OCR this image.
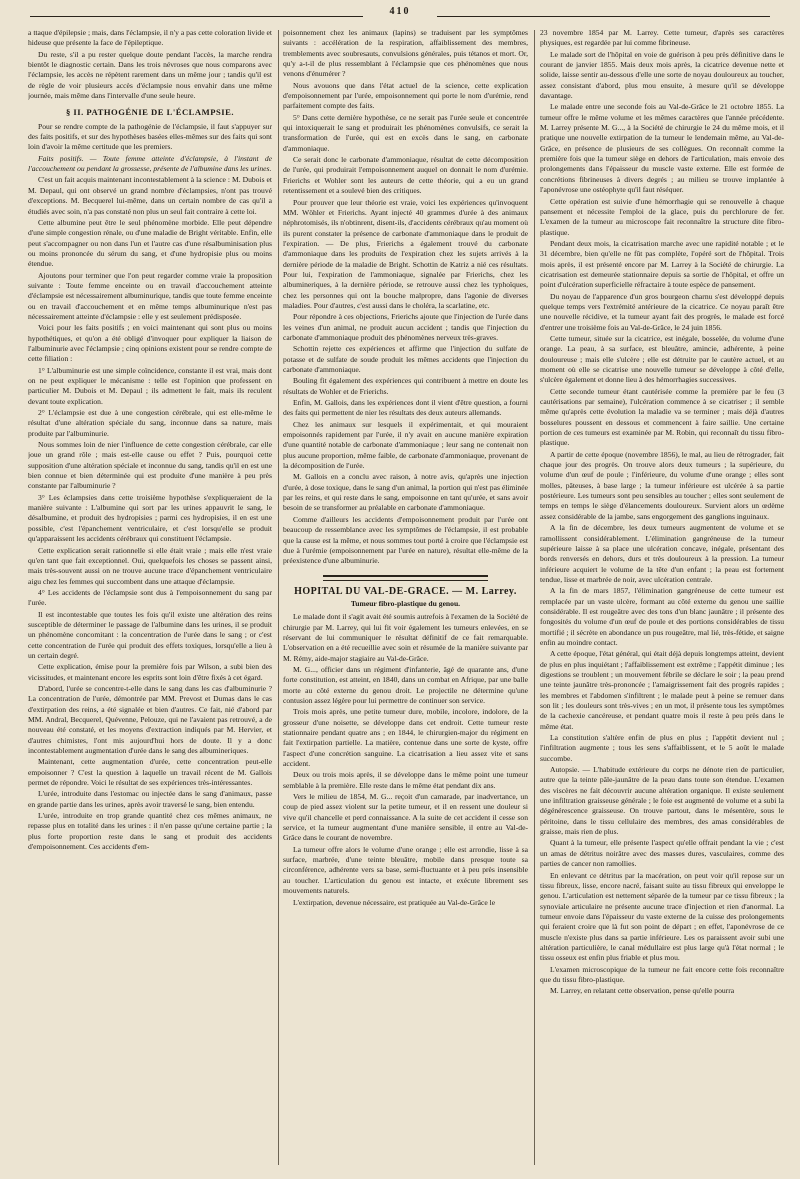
410

a ttaque d'épilepsie ; mais, dans l'éclampsie, il n'y a pas cette coloration livide et hideuse que présente la face de l'épileptique.

Du reste, s'il a pu rester quelque doute pendant l'accès, la marche rendra bientôt le diagnostic certain. Dans les trois névroses que nous comparons avec l'éclampsie, les accès ne répètent rarement dans un même jour ; tandis qu'il est de règle de voir plusieurs accès d'éclampsie nous envahir dans une même journée, mais même dans l'intervalle d'une seule heure.

§ II. PATHOGÉNIE DE L'ÉCLAMPSIE.

Pour se rendre compte de la pathogénie de l'éclampsie, il faut s'appuyer sur des faits positifs, et sur des hypothèses basées elles-mêmes sur des faits qui sont loin d'avoir la même certitude que les premiers.

Faits positifs. — Toute femme atteinte d'éclampsie, à l'instant de l'accouchement ou pendant la grossesse, présente de l'albumine dans les urines.

C'est un fait acquis maintenant incontestablement à la science : M. Dubois et M. Depaul, qui ont observé un grand nombre d'éclampsies, n'ont pas trouvé d'exceptions. M. Becquerel lui-même, dans un certain nombre de cas qu'il a étudiés avec soin, n'a pas constaté non plus un seul fait contraire à cette loi.

Cette albumine peut être le seul phénomène morbide. Elle peut dépendre d'une simple congestion rénale, ou d'une maladie de Bright véritable. Enfin, elle peut s'accompagner ou non dans l'un et l'autre cas d'une résalbuminisation plus ou moins prononcée du sérum du sang, et d'une hydropisie plus ou moins étendue.

Ajoutons pour terminer que l'on peut regarder comme vraie la proposition suivante : Toute femme enceinte ou en travail d'accouchement atteinte d'éclampsie est nécessairement albuminurique, tandis que toute femme enceinte ou en travail d'accouchement et en même temps albuminurique n'est pas nécessairement atteinte d'éclampsie : elle y est seulement prédisposée.

Voici pour les faits positifs ; en voici maintenant qui sont plus ou moins hypothétiques, et qu'on a été obligé d'invoquer pour expliquer la liaison de l'albuminurie avec l'éclampsie ; cinq opinions existent pour se rendre compte de cette filiation :

1° L'albuminurie est une simple coïncidence, constante il est vrai, mais dont on ne peut expliquer le mécanisme : telle est l'opinion que professent en particulier M. Dubois et M. Depaul ; ils admettent le fait, mais ils reculent devant toute explication.

2° L'éclampsie est due à une congestion cérébrale, qui est elle-même le résultat d'une altération spéciale du sang, inconnue dans sa nature, mais produite par l'albuminurie.

Nous sommes loin de nier l'influence de cette congestion cérébrale, car elle joue un grand rôle ; mais est-elle cause ou effet ? Puis, pourquoi cette supposition d'une altération spéciale et inconnue du sang, tandis qu'il en est une bien connue et bien déterminée qui est produite d'une manière à peu près constante par l'albuminurie ?

3° Les éclampsies dans cette troisième hypothèse s'expliqueraient de la manière suivante : L'albumine qui sort par les urines appauvrit le sang, le désalbumine, et produit des hydropisies ; parmi ces hydropisies, il en est une possible, c'est l'épanchement ventriculaire, et c'est lorsqu'elle se produit qu'apparaissent les accidents cérébraux qui constituent l'éclampsie.

Cette explication serait rationnelle si elle était vraie ; mais elle n'est vraie qu'en tant que fait exceptionnel. Oui, quelquefois les choses se passent ainsi, mais très-souvent aussi on ne trouve aucune trace d'épanchement ventriculaire aigu chez les femmes qui succombent dans une attaque d'éclampsie.

4° Les accidents de l'éclampsie sont dus à l'empoisonnement du sang par l'urée.

Il est incontestable que toutes les fois qu'il existe une altération des reins susceptible de déterminer le passage de l'albumine dans les urines, il se produit un phénomène concomitant : la concentration de l'urée dans le sang ; or c'est cette concentration de l'urée qui produit des effets toxiques, lorsqu'elle a lieu à un certain degré.

Cette explication, émise pour la première fois par Wilson, a subi bien des vicissitudes, et maintenant encore les esprits sont loin d'être fixés à cet égard.

D'abord, l'urée se concentre-t-elle dans le sang dans les cas d'albuminurie ? La concentration de l'urée, démontrée par MM. Prevost et Dumas dans le cas d'extirpation des reins, a été signalée et bien d'autres. Ce fait, nié d'abord par MM. Andral, Becquerel, Quévenne, Pelouze, qui ne l'avaient pas retrouvé, a de nouveau été constaté, et les moyens d'extraction indiqués par M. Hervier, et d'autres chimistes, l'ont mis aujourd'hui hors de doute. Il y a donc incontestablement augmentation d'urée dans le sang des albumineriques.

Maintenant, cette augmentation d'urée, cette concentration peut-elle empoisonner ? C'est la question à laquelle un travail récent de M. Gallois permet de répondre. Voici le résultat de ses expériences très-intéressantes.

L'urée, introduite dans l'estomac ou injectée dans le sang d'animaux, passe en grande partie dans les urines, après avoir traversé le sang, bien entendu.

L'urée, introduite en trop grande quantité chez ces mêmes animaux, ne repasse plus en totalité dans les urines : il n'en passe qu'une certaine partie ; la plus forte proportion reste dans le sang et produit des accidents d'empoisonnement. Ces accidents d'em-

poisonnement chez les animaux (lapins) se traduisent par les symptômes suivants : accélération de la respiration, affaiblissement des membres, tremblements avec soubresauts, convulsions générales, puis tétanos et mort. Or, qu'y a-t-il de plus ressemblant à l'éclampsie que ces phénomènes que nous venons d'énumérer ?

Nous avouons que dans l'état actuel de la science, cette explication d'empoisonnement par l'urée, empoisonnement qui porte le nom d'urémie, rend parfaitement compte des faits.

5° Dans cette dernière hypothèse, ce ne serait pas l'urée seule et concentrée qui intoxiquerait le sang et produirait les phénomènes convulsifs, ce serait la transformation de l'urée, qui est en excès dans le sang, en carbonate d'ammoniaque.

Ce serait donc le carbonate d'ammoniaque, résultat de cette décomposition de l'urée, qui produirait l'empoisonnement auquel on donnait le nom d'urémie. Frierichs et Wohler sont les auteurs de cette théorie, qui a eu un grand retentissement et a soulevé bien des critiques.

Pour prouver que leur théorie est vraie, voici les expériences qu'invoquent MM. Wöhler et Frierichs. Ayant injecté 40 grammes d'urée à des animaux néphrotomisés, ils n'obtinrent, disent-ils, d'accidents cérébraux qu'au moment où ils purent constater la présence de carbonate d'ammoniaque dans le produit de l'expiration. — De plus, Frierichs a également trouvé du carbonate d'ammoniaque dans les produits de l'expiration chez les sujets arrivés à la dernière période de la maladie de Bright. Schottin de Katriz a nié ces résultats. Pour lui, l'expiration de l'ammoniaque, signalée par Frierichs, chez les albumineriques, à la dernière période, se retrouve aussi chez les typhoïques, chez les personnes qui ont la bouche malpropre, dans l'agonie de diverses maladies. Pour d'autres, c'est aussi dans le choléra, la scarlatine, etc.

Pour répondre à ces objections, Frierichs ajoute que l'injection de l'urée dans les veines d'un animal, ne produit aucun accident ; tandis que l'injection du carbonate d'ammoniaque produit des phénomènes nerveux très-graves.

Schottin rejette ces expériences et affirme que l'injection du sulfate de potasse et de sulfate de soude produit les mêmes accidents que l'injection du carbonate d'ammoniaque.

Bouling fit également des expériences qui contribuent à mettre en doute les résultats de Wohler et de Frierichs.

Enfin, M. Gallois, dans les expériences dont il vient d'être question, a fourni des faits qui permettent de nier les résultats des deux auteurs allemands.

Chez les animaux sur lesquels il expérimentait, et qui mouraient empoisonnés rapidement par l'urée, il n'y avait en aucune manière expiration d'une quantité notable de carbonate d'ammoniaque ; leur sang ne contenait non plus aucune proportion, même faible, de carbonate d'ammoniaque, provenant de la décomposition de l'urée.

M. Gallois en a conclu avec raison, à notre avis, qu'après une injection d'urée, à dose toxique, dans le sang d'un animal, la portion qui n'est pas éliminée par les reins, et qui reste dans le sang, empoisonne en tant qu'urée, et sans avoir besoin de se transformer au préalable en carbonate d'ammoniaque.

Comme d'ailleurs les accidents d'empoisonnement produit par l'urée ont beaucoup de ressemblance avec les symptômes de l'éclampsie, il est probable que la cause est la même, et nous sommes tout porté à croire que l'éclampsie est due à l'urémie (empoisonnement par l'urée en nature), résultat elle-même de la préexistence d'une albuminurie.

HOPITAL DU VAL-DE-GRACE. — M. Larrey.

Tumeur fibro-plastique du genou.

Le malade dont il s'agit avait été soumis autrefois à l'examen de la Société de chirurgie par M. Larrey, qui lui fit voir également les tumeurs enlevées, en se réservant de lui communiquer le résultat définitif de ce fait remarquable. L'observation en a été recueillie avec soin et résumée de la manière suivante par M. Rémy, aide-major stagiaire au Val-de-Grâce.

M. G..., officier dans un régiment d'infanterie, âgé de quarante ans, d'une forte constitution, est atteint, en 1840, dans un combat en Afrique, par une balle morte au côté externe du genou droit. Le projectile ne détermine qu'une contusion assez légère pour lui permettre de continuer son service.

Trois mois après, une petite tumeur dure, mobile, incolore, indolore, de la grosseur d'une noisette, se développe dans cet endroit. Cette tumeur reste stationnaire pendant quatre ans ; en 1844, le chirurgien-major du régiment en fait l'extirpation partielle. La matière, contenue dans une sorte de kyste, offre l'aspect d'une concrétion sanguine. La cicatrisation a lieu assez vite et sans accident.

Deux ou trois mois après, il se développe dans le même point une tumeur semblable à la première. Elle reste dans le même état pendant dix ans.

Vers le milieu de 1854, M. G... reçoit d'un camarade, par inadvertance, un coup de pied assez violent sur la petite tumeur, et il en ressent une douleur si vive qu'il chancelle et perd connaissance. A la suite de cet accident il cesse son service, et la tumeur augmentant d'une manière sensible, il entre au Val-de-Grâce dans le courant de novembre.

La tumeur offre alors le volume d'une orange ; elle est arrondie, lisse à sa surface, marbrée, d'une teinte bleuâtre, mobile dans presque toute sa circonférence, adhérente vers sa base, semi-fluctuante et à peu près insensible au toucher. L'articulation du genou est intacte, et exécute librement ses mouvements naturels.

L'extirpation, devenue nécessaire, est pratiquée au Val-de-Grâce le

23 novembre 1854 par M. Larrey. Cette tumeur, d'après ses caractères physiques, est regardée par lui comme fibrineuse.

Le malade sort de l'hôpital en voie de guérison à peu près définitive dans le courant de janvier 1855. Mais deux mois après, la cicatrice devenue nette et solide, laisse sentir au-dessous d'elle une sorte de noyau douloureux au toucher, assez consistant d'abord, plus mou ensuite, à mesure qu'il se développe davantage.

Le malade entre une seconde fois au Val-de-Grâce le 21 octobre 1855. La tumeur offre le même volume et les mêmes caractères que l'année précédente. M. Larrey présente M. G..., à la Société de chirurgie le 24 du même mois, et il pratique une nouvelle extirpation de la tumeur le lendemain même, au Val-de-Grâce, en présence de plusieurs de ses collègues. On reconnaît comme la première fois que la tumeur siège en dehors de l'articulation, mais envoie des prolongements dans l'épaisseur du muscle vaste externe. Elle est formée de concrétions fibrineuses à divers degrés ; au milieu se trouve implantée à l'aponévrose une ostéophyte qu'il faut réséquer.

Cette opération est suivie d'une hémorrhagie qui se renouvelle à chaque pansement et nécessite l'emploi de la glace, puis du perchlorure de fer. L'examen de la tumeur au microscope fait reconnaître la structure dite fibro-plastique.

Pendant deux mois, la cicatrisation marche avec une rapidité notable ; et le 31 décembre, bien qu'elle ne fût pas complète, l'opéré sort de l'hôpital. Trois mois après, il est présenté encore par M. Larrey à la Société de chirurgie. La cicatrisation est demeurée stationnaire depuis sa sortie de l'hôpital, et offre un point d'ulcération superficielle réfractaire à toute espèce de pansement.

Du noyau de l'apparence d'un gros bourgeon charnu s'est développé depuis quelque temps vers l'extrémité antérieure de la cicatrice. Ce noyau paraît être une nouvelle récidive, et la tumeur ayant fait des progrès, le malade est forcé d'entrer une troisième fois au Val-de-Grâce, le 24 juin 1856.

Cette tumeur, située sur la cicatrice, est inégale, bosselée, du volume d'une orange. La peau, à sa surface, est bleuâtre, amincie, adhérente, à peine douloureuse ; mais elle s'ulcère ; elle est détruite par le cautère actuel, et au moment où elle se cicatrise une nouvelle tumeur se développe à côté d'elle, s'ulcère également et donne lieu à des hémorrhagies successives.

Cette seconde tumeur étant cautérisée comme la première par le feu (3 cautérisations par semaine), l'ulcération commence à se cicatriser ; il semble même qu'après cette évolution la maladie va se terminer ; mais déjà d'autres bosselures poussent en dessous et commencent à faire saillie. Une certaine portion de ces tumeurs est examinée par M. Robin, qui reconnaît du tissu fibro-plastique.

A partir de cette époque (novembre 1856), le mal, au lieu de rétrograder, fait chaque jour des progrès. On trouve alors deux tumeurs ; la supérieure, du volume d'un œuf de poule ; l'inférieure, du volume d'une orange ; elles sont molles, pâteuses, à base large ; la tumeur inférieure est ulcérée à sa partie postérieure. Les tumeurs sont peu sensibles au toucher ; elles sont seulement de temps en temps le siège d'élancements douloureux. Survient alors un œdème assez considérable de la jambe, sans engorgement des ganglions inguinaux.

A la fin de décembre, les deux tumeurs augmentent de volume et se ramollissent considérablement. L'élimination gangréneuse de la tumeur supérieure laisse à sa place une ulcération concave, inégale, présentant des bords renversés en dehors, durs et très douloureux à la pression. La tumeur inférieure acquiert le volume de la tête d'un enfant ; la peau est fortement tendue, lisse et marbrée de noir, avec ulcération centrale.

A la fin de mars 1857, l'élimination gangréneuse de cette tumeur est remplacée par un vaste ulcère, formant au côté externe du genou une saillie considérable. Il est rougeâtre avec des tons d'un blanc jaunâtre ; il présente des fongosités du volume d'un œuf de poule et des portions considérables de tissu mortifié ; il sécrète en abondance un pus rougeâtre, mal lié, très-fétide, et saigne enfin au moindre contact.

A cette époque, l'état général, qui était déjà depuis longtemps atteint, devient de plus en plus inquiétant ; l'affaiblissement est extrême ; l'appétit diminue ; les digestions se troublent ; un mouvement fébrile se déclare le soir ; la peau prend une teinte jaunâtre très-prononcée ; l'amaigrissement fait des progrès rapides ; les membres et l'abdomen s'infiltrent ; le malade peut à peine se remuer dans son lit ; les douleurs sont très-vives ; en un mot, il présente tous les symptômes de la cachexie cancéreuse, et pendant quatre mois il reste à peu près dans le même état.

La constitution s'altère enfin de plus en plus ; l'appétit devient nul ; l'infiltration augmente ; tous les sens s'affaiblissent, et le 5 août le malade succombe.

Autopsie. — L'habitude extérieure du corps ne dénote rien de particulier, autre que la teinte pâle-jaunâtre de la peau dans toute son étendue. L'examen des viscères ne fait découvrir aucune altération organique. Il existe seulement une infiltration graisseuse générale ; le foie est augmenté de volume et a subi la dégénérescence graisseuse. On trouve partout, dans le mésentère, sous le péritoine, dans le tissu cellulaire des membres, des amas considérables de graisse, mais rien de plus.

Quant à la tumeur, elle présente l'aspect qu'elle offrait pendant la vie ; c'est un amas de détritus noirâtre avec des masses dures, vasculaires, comme des parties de cancer non ramollies.

En enlevant ce détritus par la macération, on peut voir qu'il repose sur un tissu fibreux, lisse, encore nacré, faisant suite au tissu fibreux qui enveloppe le genou. L'articulation est nettement séparée de la tumeur par ce tissu fibreux ; la synoviale articulaire ne présente aucune trace d'injection et rien d'anormal. La tumeur envoie dans l'épaisseur du vaste externe de la cuisse des prolongements qui feraient croire que là fut son point de départ ; en effet, l'aponévrose de ce muscle n'existe plus dans sa partie inférieure. Les os paraissent avoir subi une altération particulière, le canal médullaire est plus large qu'à l'état normal ; le tissu osseux est enfin plus friable et plus mou.

L'examen microscopique de la tumeur ne fait encore cette fois reconnaître que du tissu fibro-plastique.

M. Larrey, en relatant cette observation, pense qu'elle pourra
